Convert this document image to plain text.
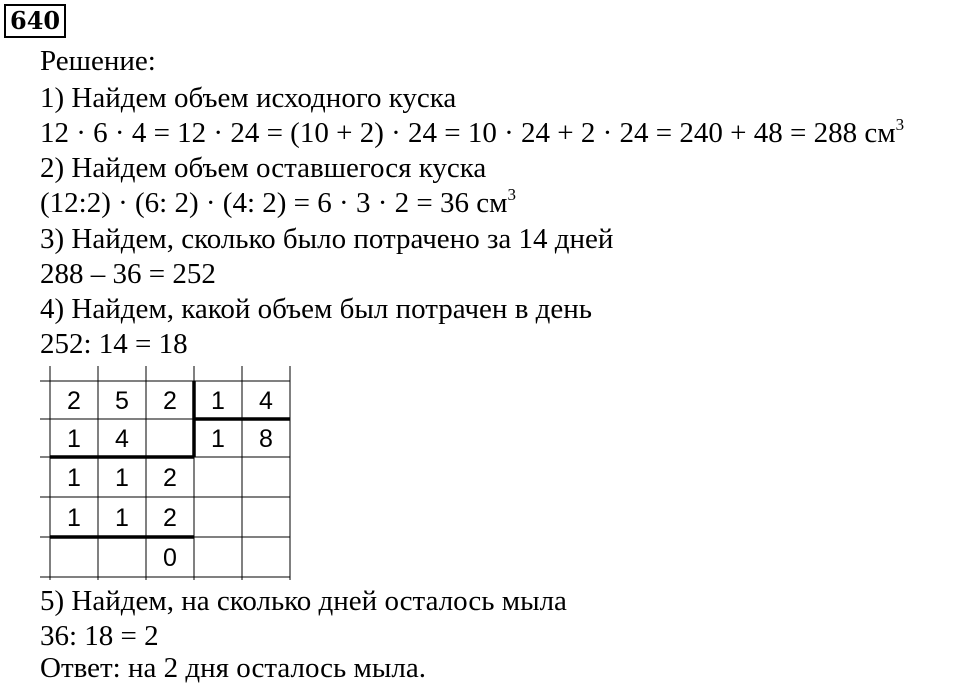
640
Решение:
1) Найдем объем исходного куска
12 · 6 · 4 = 12 · 24 = (10 + 2) · 24 = 10 · 24 + 2 · 24 = 240 + 48 = 288 $см^3$
2) Найдем объем оставшегося куска
(12:2) · (6: 2) · (4: 2) = 6 · 3 · 2 = 36 $см^3$
3) Найдем, сколько было потрачено за 14 дней
288 – 36 = 252
4) Найдем, какой объем был потрачен в день
252: 14 = 18
2 5 2 1 4
1 4	1 8
1 1 2
1 1 2
0
5) Найдем, на сколько дней осталось мыла
36: 18 = 2
Ответ: на 2 дня осталось мыла.
